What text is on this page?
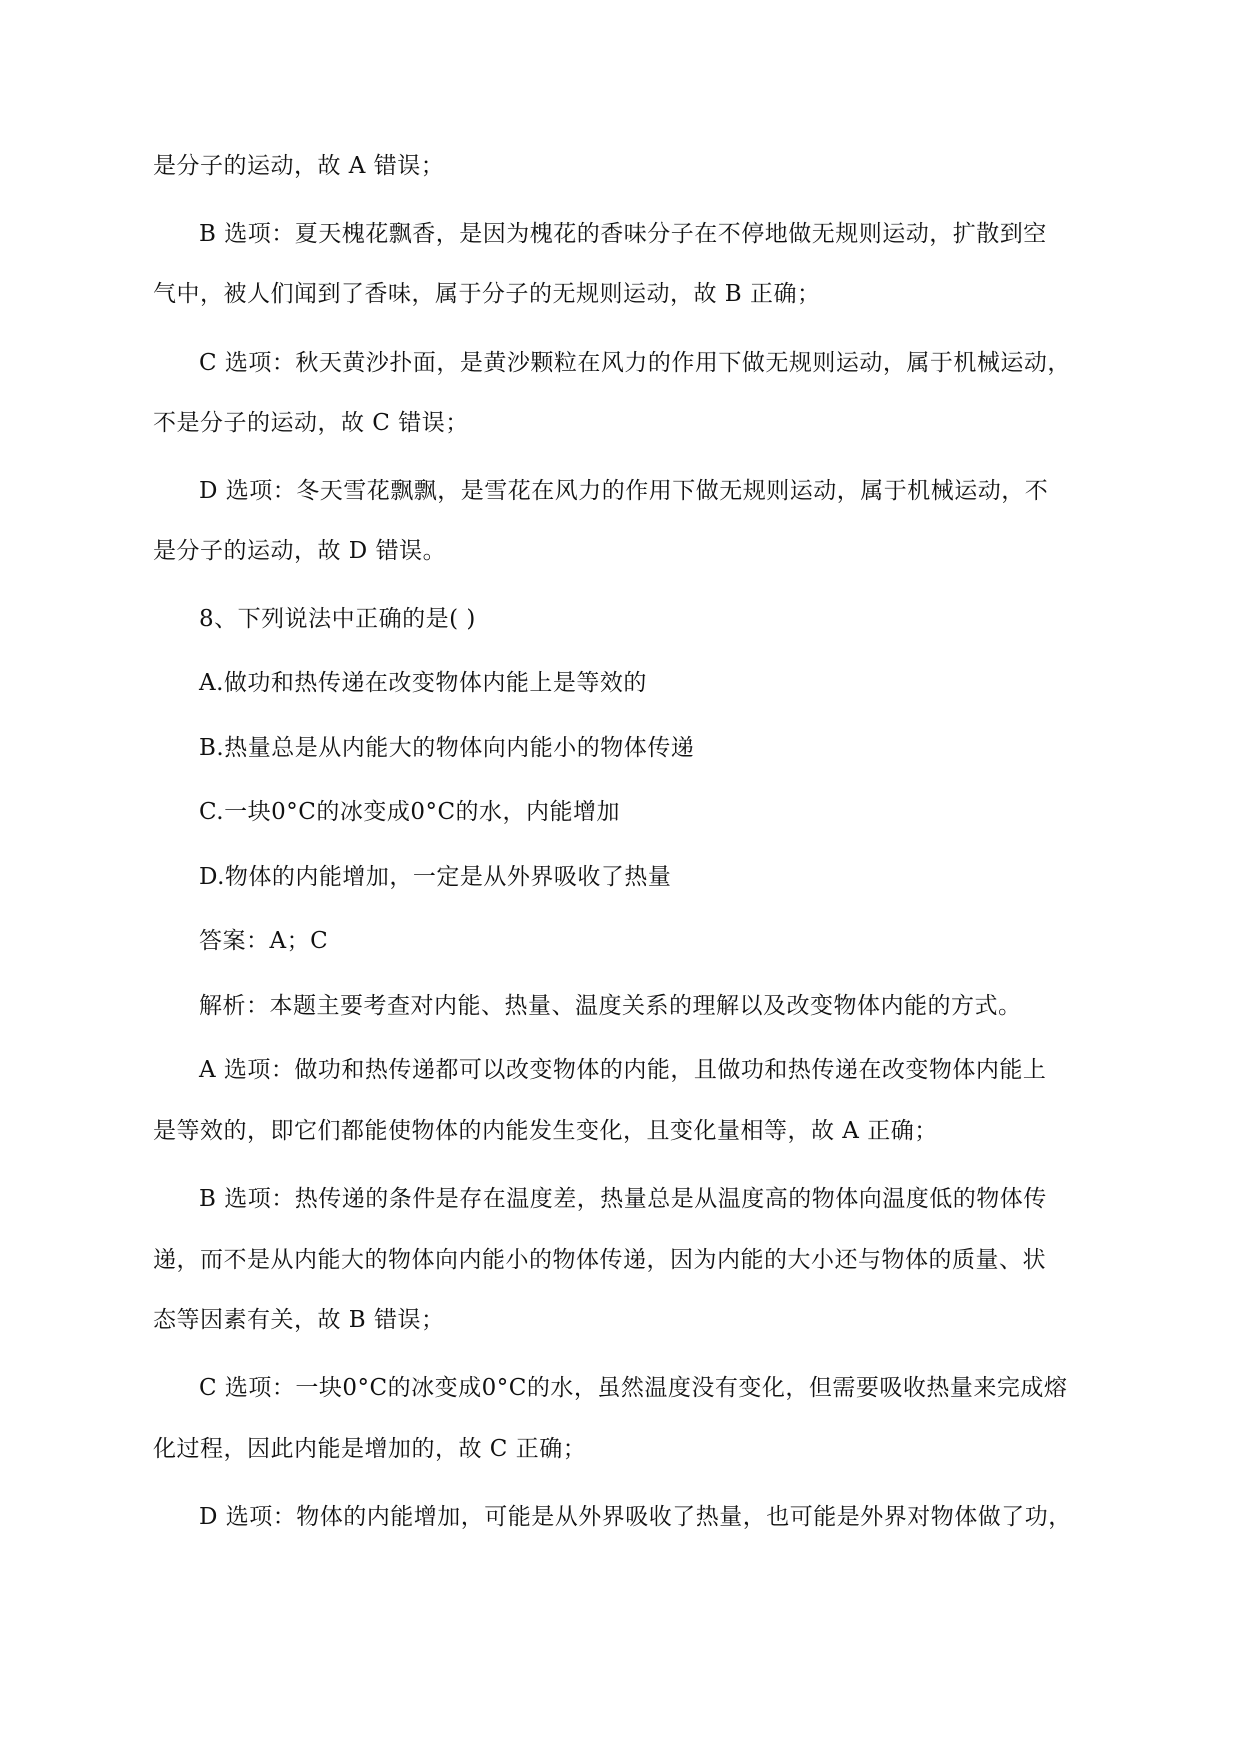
是分子的运动，故 A 错误；
B 选项：夏天槐花飘香，是因为槐花的香味分子在不停地做无规则运动，扩散到空
气中，被人们闻到了香味，属于分子的无规则运动，故 B 正确；
C 选项：秋天黄沙扑面，是黄沙颗粒在风力的作用下做无规则运动，属于机械运动，
不是分子的运动，故 C 错误；
D 选项：冬天雪花飘飘，是雪花在风力的作用下做无规则运动，属于机械运动，不
是分子的运动，故 D 错误。
8、下列说法中正确的是( )
A.做功和热传递在改变物体内能上是等效的
B.热量总是从内能大的物体向内能小的物体传递
C.一块0°C的冰变成0°C的水，内能增加
D.物体的内能增加，一定是从外界吸收了热量
答案：A；C
解析：本题主要考查对内能、热量、温度关系的理解以及改变物体内能的方式。
A 选项：做功和热传递都可以改变物体的内能，且做功和热传递在改变物体内能上
是等效的，即它们都能使物体的内能发生变化，且变化量相等，故 A 正确；
B 选项：热传递的条件是存在温度差，热量总是从温度高的物体向温度低的物体传
递，而不是从内能大的物体向内能小的物体传递，因为内能的大小还与物体的质量、状
态等因素有关，故 B 错误；
C 选项：一块0°C的冰变成0°C的水，虽然温度没有变化，但需要吸收热量来完成熔
化过程，因此内能是增加的，故 C 正确；
D 选项：物体的内能增加，可能是从外界吸收了热量，也可能是外界对物体做了功，
